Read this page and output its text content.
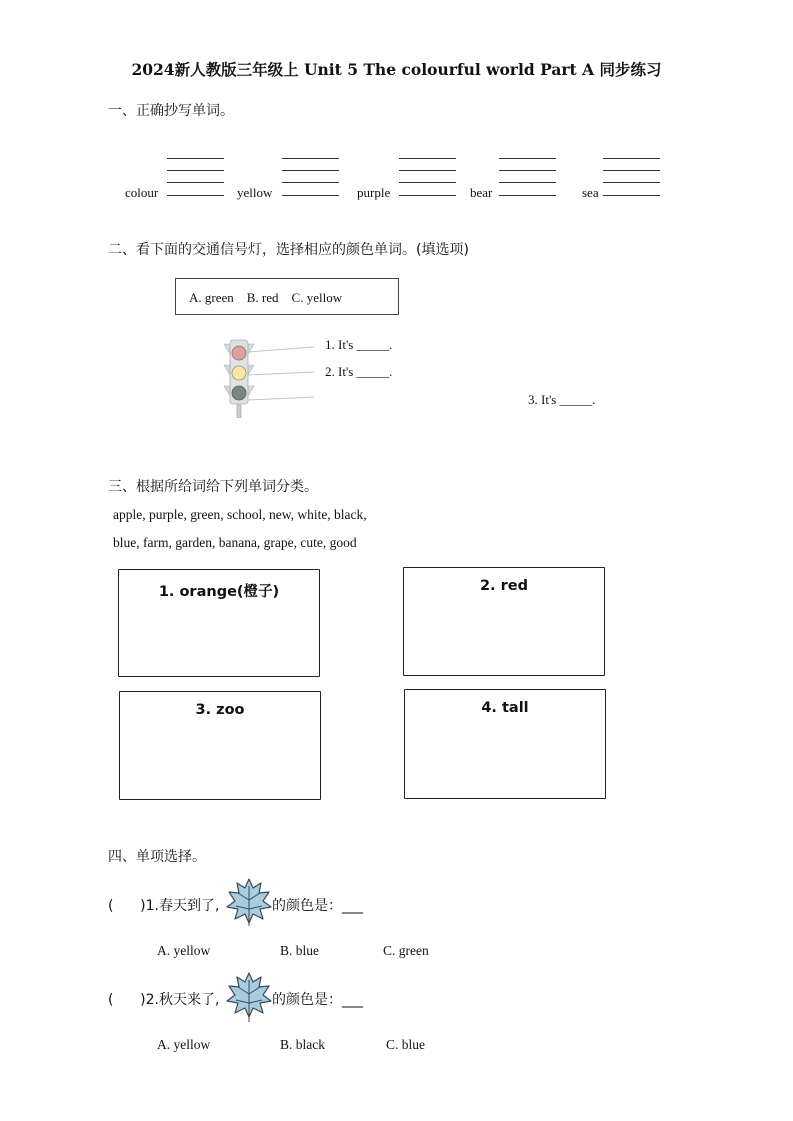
2024新人教版三年级上 Unit 5 The colourful world Part A 同步练习
一、正确抄写单词。
colour	yellow	purple	bear	sea
二、看下面的交通信号灯，选择相应的颜色单词。(填选项)
A. green    B. red    C. yellow
1. It's _____.
2. It's _____.
3. It's _____.
三、根据所给词给下列单词分类。
apple, purple, green, school, new, white, black,
blue, farm, garden, banana, grape, cute, good
1. orange(橙子)	2. red
3. zoo	4. tall
四、单项选择。
(      )1.春天到了,	的颜色是：___
A. yellow	B. blue	C. green
(      )2.秋天来了,	的颜色是：___
A. yellow	B. black	C. blue
